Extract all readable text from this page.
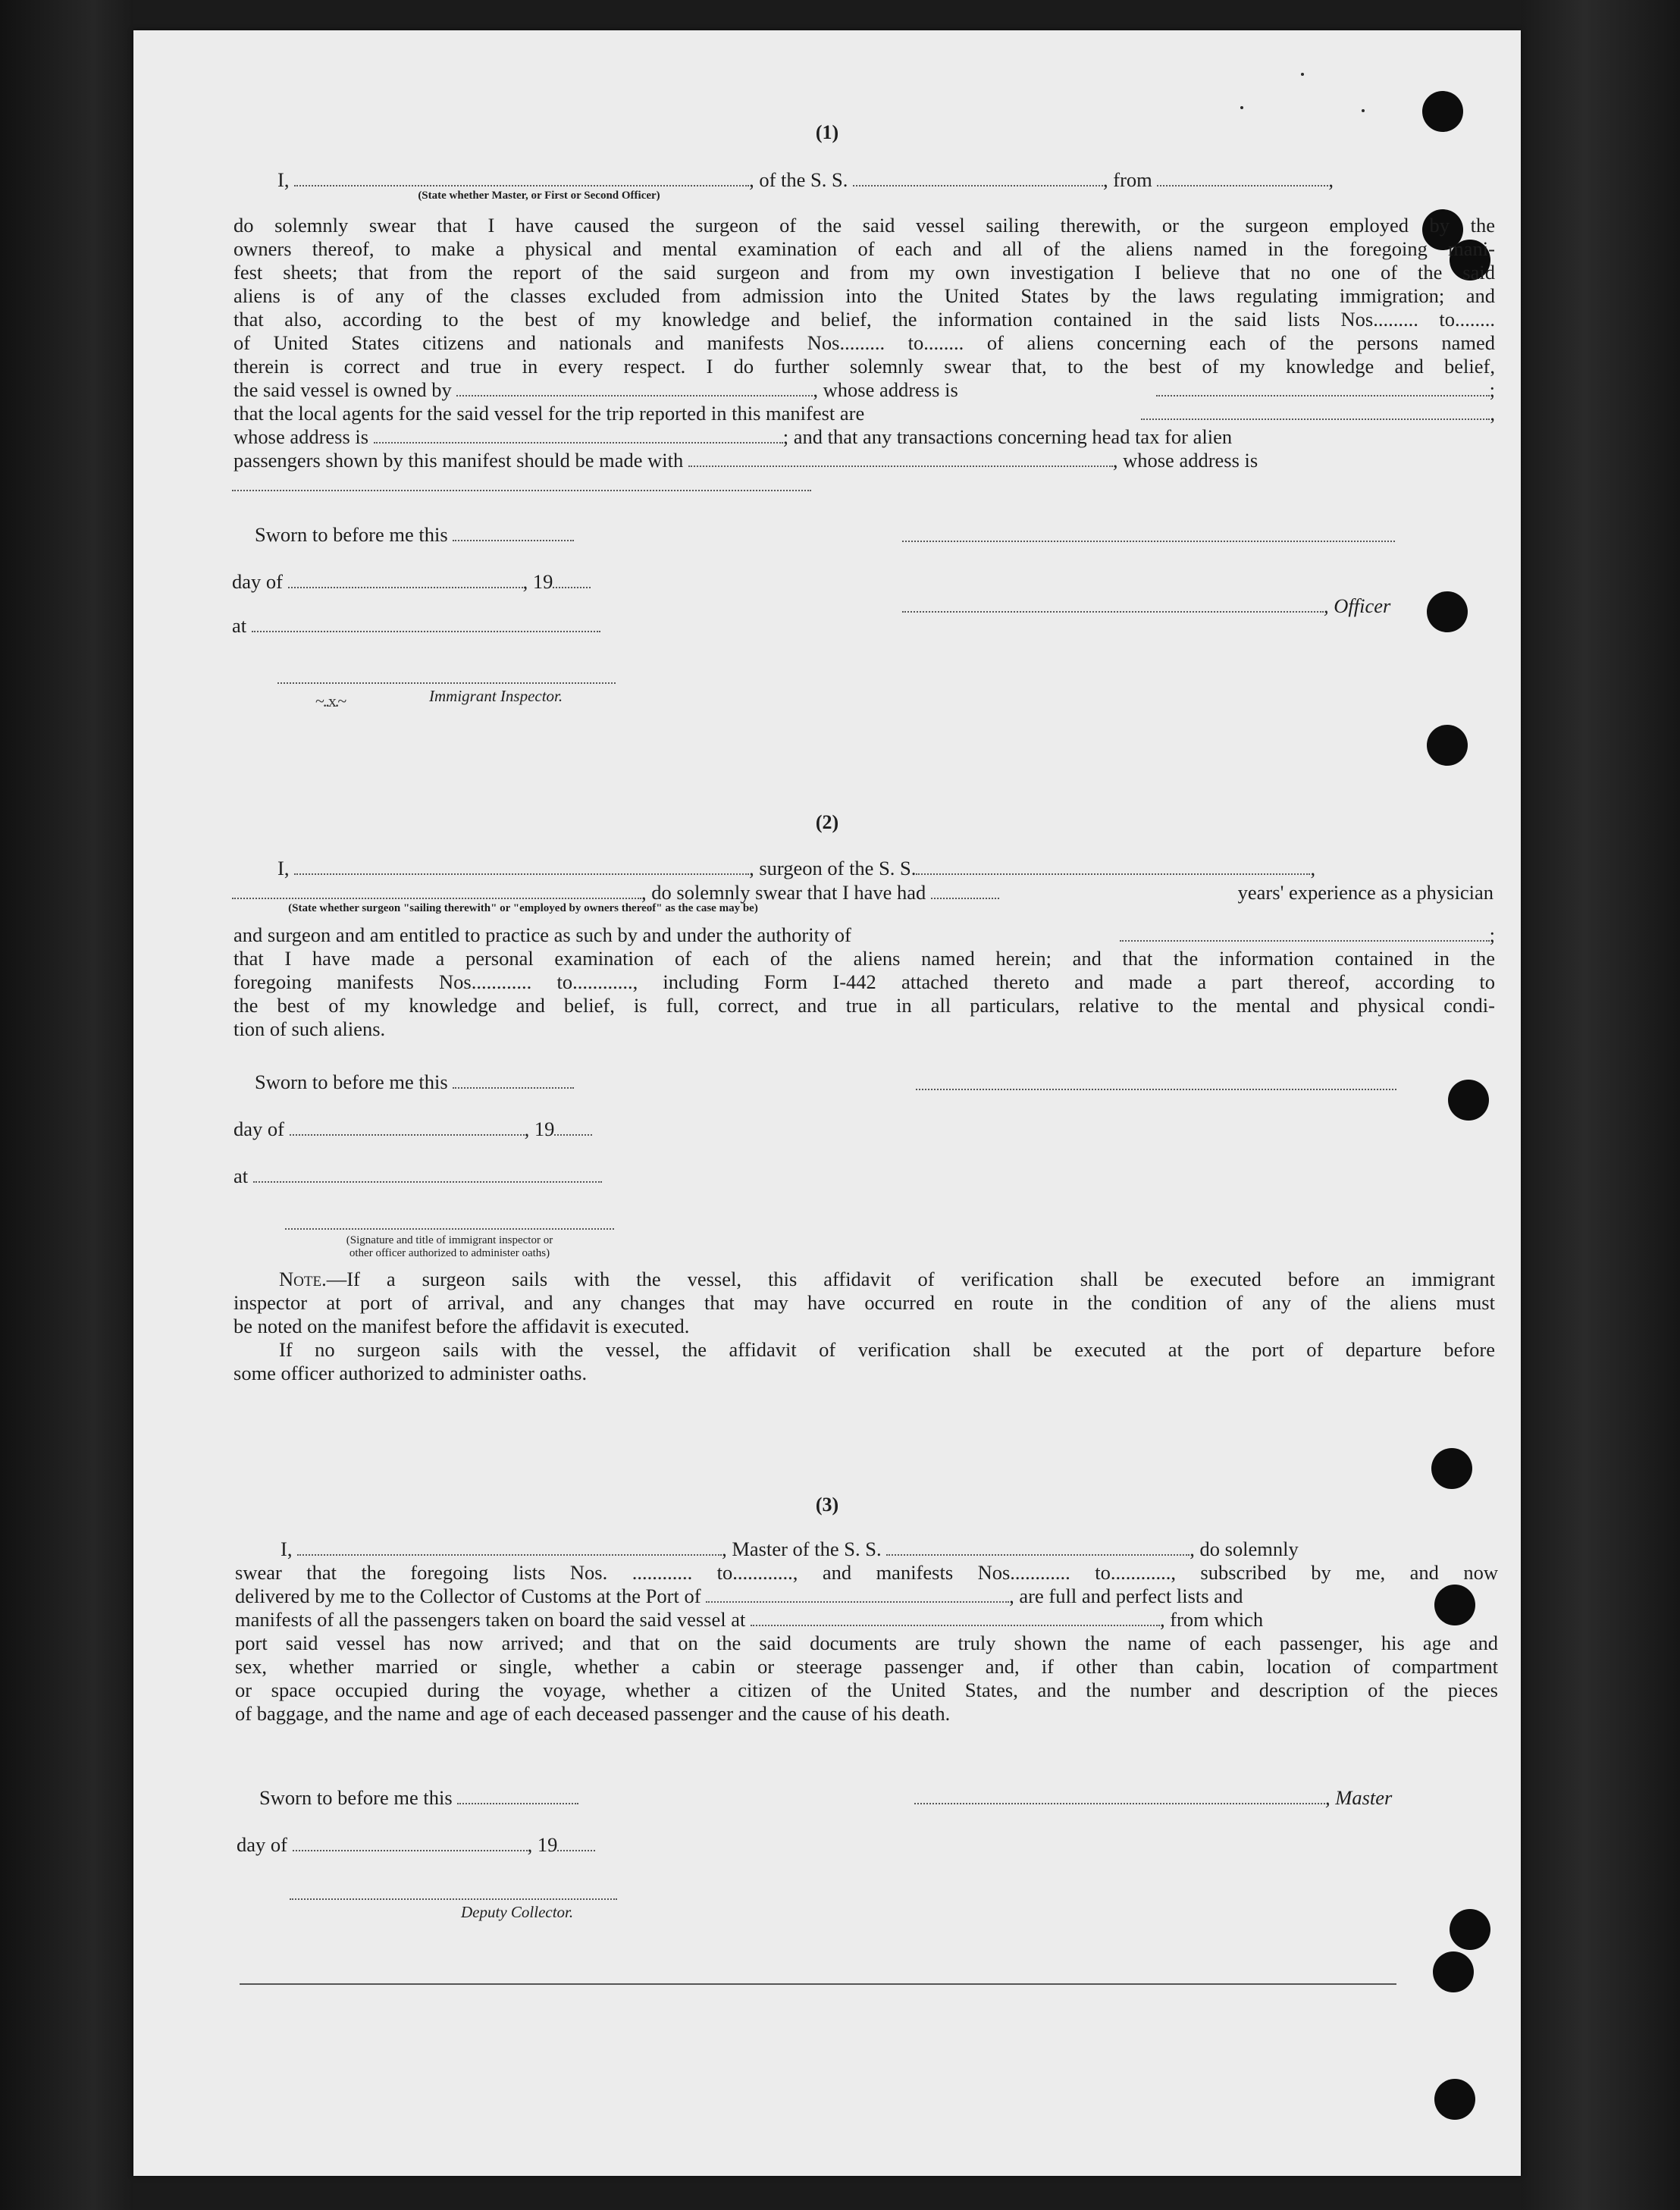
(1)
I,	, of the S. S.	, from	,
(State whether Master, or First or Second Officer)
do solemnly swear that I have caused the surgeon of the said vessel sailing therewith, or the surgeon employed by the
owners thereof, to make a physical and mental examination of each and all of the aliens named in the foregoing mani-
fest sheets; that from the report of the said surgeon and from my own investigation I believe that no one of the said
aliens is of any of the classes excluded from admission into the United States by the laws regulating immigration; and
that also, according to the best of my knowledge and belief, the information contained in the said lists Nos......... to........
of United States citizens and nationals and manifests Nos......... to........ of aliens concerning each of the persons named
therein is correct and true in every respect. I do further solemnly swear that, to the best of my knowledge and belief,
the said vessel is owned by	, whose address is	;
that the local agents for the said vessel for the trip reported in this manifest are	,
whose address is	; and that any transactions concerning head tax for alien
passengers shown by this manifest should be made with	, whose address is
Sworn to before me this
day of	, 19
, Officer
at
~..x.~	Immigrant Inspector.
(2)
I,	, surgeon of the S. S.	,
, do solemnly swear that I have had	years' experience as a physician
(State whether surgeon "sailing therewith" or "employed by owners thereof" as the case may be)
and surgeon and am entitled to practice as such by and under the authority of	;
that I have made a personal examination of each of the aliens named herein; and that the information contained in the
foregoing manifests Nos............ to............, including Form I-442 attached thereto and made a part thereof, according to
the best of my knowledge and belief, is full, correct, and true in all particulars, relative to the mental and physical condi-
tion of such aliens.
Sworn to before me this
day of	, 19
at
(Signature and title of immigrant inspector or
other officer authorized to administer oaths)
Note.—If a surgeon sails with the vessel, this affidavit of verification shall be executed before an immigrant
inspector at port of arrival, and any changes that may have occurred en route in the condition of any of the aliens must
be noted on the manifest before the affidavit is executed.
If no surgeon sails with the vessel, the affidavit of verification shall be executed at the port of departure before
some officer authorized to administer oaths.
(3)
I,	, Master of the S. S.	, do solemnly
swear that the foregoing lists Nos. ............ to............, and manifests Nos............ to............, subscribed by me, and now
delivered by me to the Collector of Customs at the Port of	, are full and perfect lists and
manifests of all the passengers taken on board the said vessel at	, from which
port said vessel has now arrived; and that on the said documents are truly shown the name of each passenger, his age and
sex, whether married or single, whether a cabin or steerage passenger and, if other than cabin, location of compartment
or space occupied during the voyage, whether a citizen of the United States, and the number and description of the pieces
of baggage, and the name and age of each deceased passenger and the cause of his death.
Sworn to before me this	, Master
day of	, 19
Deputy Collector.
